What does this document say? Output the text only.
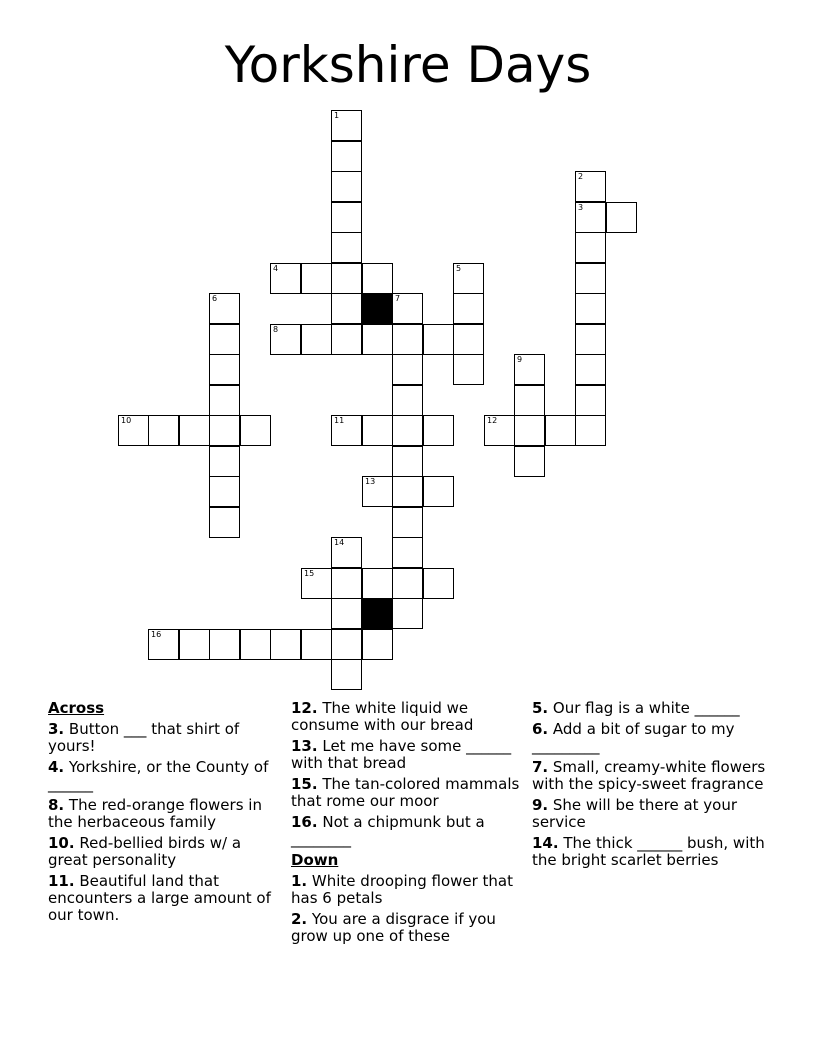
Yorkshire Days
1
2
3
4	5
6	7
8
9
10	11	12
13
14
15
16
Across
3. Button ___ that shirt of yours!
4. Yorkshire, or the County of ______
8. The red-orange flowers in the herbaceous family
10. Red-bellied birds w/ a great personality
11. Beautiful land that encounters a large amount of our town.
12. The white liquid we consume with our bread
13. Let me have some ______ with that bread
15. The tan-colored mammals that rome our moor
16. Not a chipmunk but a ________
Down
1. White drooping flower that has 6 petals
2. You are a disgrace if you grow up one of these
5. Our flag is a white ______
6. Add a bit of sugar to my _________
7. Small, creamy-white flowers with the spicy-sweet fragrance
9. She will be there at your service
14. The thick ______ bush, with the bright scarlet berries
